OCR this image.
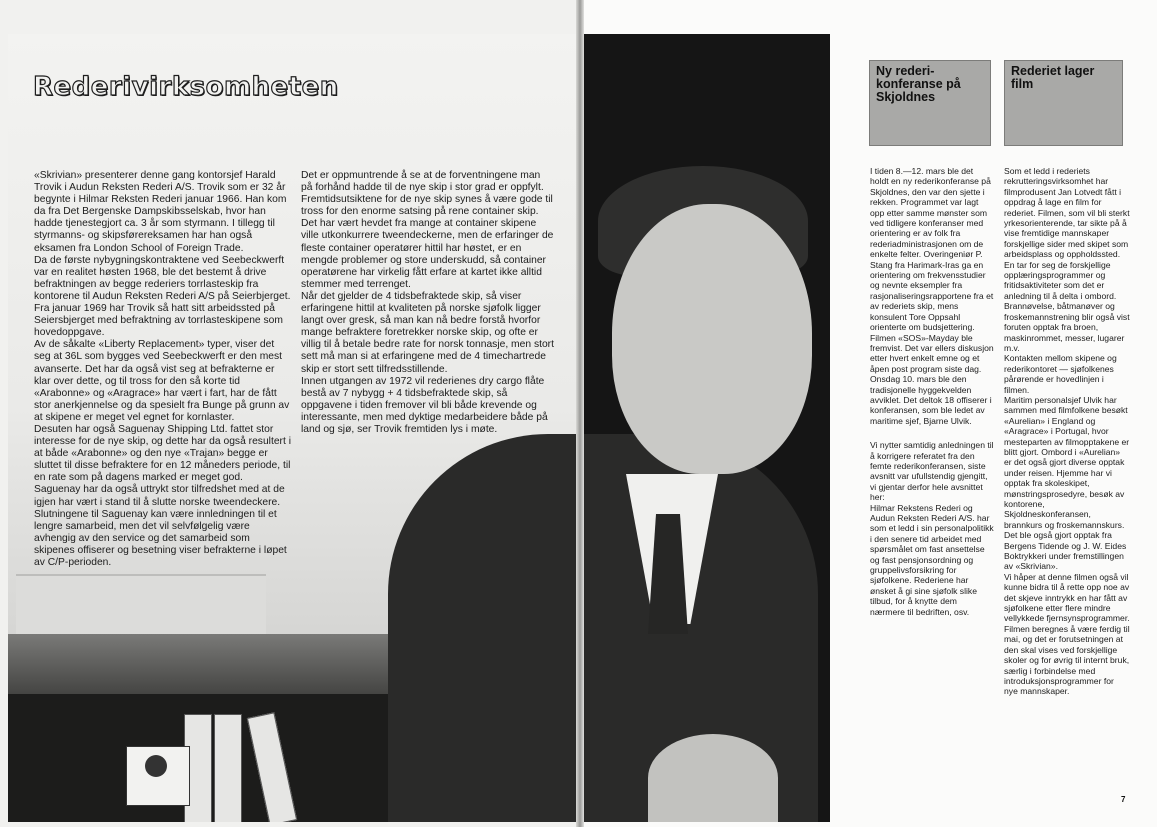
Rederivirksomheten

«Skrivian» presenterer denne gang kontorsjef Harald Trovik i Audun Reksten Rederi A/S. Trovik som er 32 år begynte i Hilmar Reksten Rederi januar 1966. Han kom da fra Det Bergenske Dampskibsselskab, hvor han hadde tjenestegjort ca. 3 år som styrmann. I tillegg til styrmanns- og skipsførereksamen har han også eksamen fra London School of Foreign Trade.

Da de første nybygningskontraktene ved Seebeckwerft var en realitet høsten 1968, ble det bestemt å drive befraktningen av begge rederiers torrlasteskip fra kontorene til Audun Reksten Rederi A/S på Seierbjerget.

Fra januar 1969 har Trovik så hatt sitt arbeidssted på Seiersbjerget med befraktning av torrlasteskipene som hovedoppgave.

Av de såkalte «Liberty Replacement» typer, viser det seg at 36L som bygges ved Seebeckwerft er den mest avanserte. Det har da også vist seg at befrakterne er klar over dette, og til tross for den så korte tid «Arabonne» og «Aragrace» har vært i fart, har de fått stor anerkjennelse og da spesielt fra Bunge på grunn av at skipene er meget vel egnet for kornlaster.

Desuten har også Saguenay Shipping Ltd. fattet stor interesse for de nye skip, og dette har da også resultert i at både «Arabonne» og den nye «Trajan» begge er sluttet til disse befraktere for en 12 måneders periode, til en rate som på dagens marked er meget god. Saguenay har da også uttrykt stor tilfredshet med at de igjen har vært i stand til å slutte norske tweendeckere.

Slutningene til Saguenay kan være innledningen til et lengre samarbeid, men det vil selvfølgelig være avhengig av den service og det samarbeid som skipenes offiserer og besetning viser befrakterne i løpet av C/P-perioden.

Det er oppmuntrende å se at de forventningene man på forhånd hadde til de nye skip i stor grad er oppfylt.

Fremtidsutsiktene for de nye skip synes å være gode til tross for den enorme satsing på rene container skip. Det har vært hevdet fra mange at container skipene ville utkonkurrere tweendeckerne, men de erfaringer de fleste container operatører hittil har høstet, er en mengde problemer og store underskudd, så container operatørene har virkelig fått erfare at kartet ikke alltid stemmer med terrenget.

Når det gjelder de 4 tidsbefraktede skip, så viser erfaringene hittil at kvaliteten på norske sjøfolk ligger langt over gresk, så man kan nå bedre forstå hvorfor mange befraktere foretrekker norske skip, og ofte er villig til å betale bedre rate for norsk tonnasje, men stort sett må man si at erfaringene med de 4 timechartrede skip er stort sett tilfredsstillende.

Innen utgangen av 1972 vil rederienes dry cargo flåte bestå av 7 nybygg + 4 tidsbefraktede skip, så oppgavene i tiden fremover vil bli både krevende og interessante, men med dyktige medarbeidere både på land og sjø, ser Trovik fremtiden lys i møte.

Ny rederi-konferanse på Skjoldnes
Rederiet lager film

I tiden 8.—12. mars ble det holdt en ny rederikonferanse på Skjoldnes, den var den sjette i rekken. Programmet var lagt opp etter samme mønster som ved tidligere konferanser med orientering er av folk fra rederiadministrasjonen om de enkelte felter. Overingeniør P. Stang fra Harimark-Iras ga en orientering om frekvensstudier og nevnte eksempler fra rasjonaliseringsrapportene fra et av rederiets skip, mens konsulent Tore Oppsahl orienterte om budsjettering.

Filmen «SOS»-Mayday ble fremvist. Det var ellers diskusjon etter hvert enkelt emne og et åpen post program siste dag.

Onsdag 10. mars ble den tradisjonelle hyggekvelden avviklet. Det deltok 18 offiserer i konferansen, som ble ledet av maritime sjef, Bjarne Ulvik.

Vi nytter samtidig anledningen til å korrigere referatet fra den femte rederikonferansen, siste avsnitt var ufullstendig gjengitt, vi gjentar derfor hele avsnittet her:

Hilmar Rekstens Rederi og Audun Reksten Rederi A/S. har som et ledd i sin personalpolitikk i den senere tid arbeidet med spørsmålet om fast ansettelse og fast pensjonsordning og gruppelivsforsikring for sjøfolkene. Rederiene har ønsket å gi sine sjøfolk slike tilbud, for å knytte dem nærmere til bedriften, osv.

Som et ledd i rederiets rekrutteringsvirksomhet har filmprodusent Jan Lotvedt fått i oppdrag å lage en film for rederiet. Filmen, som vil bli sterkt yrkesorienterende, tar sikte på å vise fremtidige mannskaper forskjellige sider med skipet som arbeidsplass og oppholdssted. En tar for seg de forskjellige opplæringsprogrammer og fritidsaktiviteter som det er anledning til å delta i ombord. Brannøvelse, båtmanøver og froskemannstrening blir også vist foruten opptak fra broen, maskinrommet, messer, lugarer m.v.

Kontakten mellom skipene og rederikontoret — sjøfolkenes pårørende er hovedlinjen i filmen.

Maritim personalsjef Ulvik har sammen med filmfolkene besøkt «Aurelian» i England og «Aragrace» i Portugal, hvor mesteparten av filmopptakene er blitt gjort. Ombord i «Aurelian» er det også gjort diverse opptak under reisen. Hjemme har vi opptak fra skoleskipet, mønstringsprosedyre, besøk av kontorene, Skjoldneskonferansen, brannkurs og froskemannskurs. Det ble også gjort opptak fra Bergens Tidende og J. W. Eides Boktrykkeri under fremstillingen av «Skrivian».

Vi håper at denne filmen også vil kunne bidra til å rette opp noe av det skjeve inntrykk en har fått av sjøfolkene etter flere mindre vellykkede fjernsynsprogrammer.

Filmen beregnes å være ferdig til mai, og det er forutsetningen at den skal vises ved forskjellige skoler og for øvrig til internt bruk, særlig i forbindelse med introduksjonsprogrammer for nye mannskaper.

7
